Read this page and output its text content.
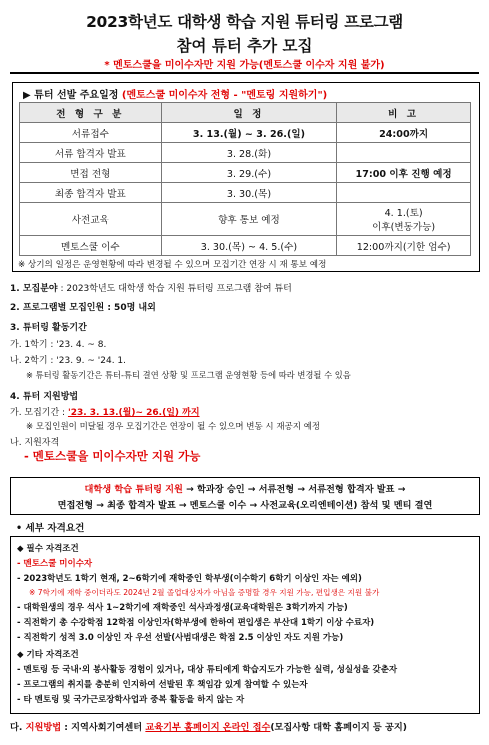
2023학년도 대학생 학습 지원 튜터링 프로그램
참여 튜터 추가 모집
* 멘토스쿨을 미이수자만 지원 가능(멘토스쿨 이수자 지원 불가)
▶ 튜터 선발 주요일정 (멘토스쿨 미이수자 전형 - "멘토링 지원하기")
전 형 구 분	일 정	비 고
서류접수	3. 13.(월) ~ 3. 26.(일)	24:00까지
서류 합격자 발표	3. 28.(화)	
면접 전형	3. 29.(수)	17:00 이후 진행 예정
최종 합격자 발표	3. 30.(목)	
사전교육	향후 통보 예정	4. 1.(토)
이후(변동가능)

멘토스쿨 이수	3. 30.(목) ~ 4. 5.(수)	12:00까지(기한 엄수)
※ 상기의 일정은 운영현황에 따라 변경될 수 있으며 모집기간 연장 시 재 통보 예정
1. 모집분야 : 2023학년도 대학생 학습 지원 튜터링 프로그램 참여 튜터
2. 프로그램별 모집인원 : 50명 내외
3. 튜터링 활동기간
가. 1학기 : '23. 4. ~ 8.
나. 2학기 : '23. 9. ~ '24. 1.
※ 튜터링 활동기간은 튜터-튜티 결연 상황 및 프로그램 운영현황 등에 따라 변경될 수 있음
4. 튜터 지원방법
가. 모집기간 : '23. 3. 13.(월)~ 26.(일) 까지
※ 모집인원이 미달될 경우 모집기간은 연장이 될 수 있으며 변동 시 재공지 예정
나. 지원자격
- 멘토스쿨을 미이수자만 지원 가능
대학생 학습 튜터링 지원 → 학과장 승인 → 서류전형 → 서류전형 합격자 발표 →
면접전형 → 최종 합격자 발표 → 멘토스쿨 이수 → 사전교육(오리엔테이션) 참석 및 멘티 결연
• 세부 자격요건
◆ 필수 자격조건
- 멘토스쿨 미이수자
- 2023학년도 1학기 현재, 2~6학기에 재학중인 학부생(이수학기 6학기 이상인 자는 예외)
※ 7학기에 재학 중이더라도 2024년 2월 졸업대상자가 아님을 증명할 경우 지원 가능, 편입생은 지원 불가
- 대학원생의 경우 석사 1~2학기에 재학중인 석사과정생(교육대학원은 3학기까지 가능)
- 직전학기 총 수강학점 12학점 이상인자(학부생에 한하여 편입생은 부산대 1학기 이상 수료자)
- 직전학기 성적 3.0 이상인 자 우선 선발(사범대생은 학점 2.5 이상인 자도 지원 가능)
◆ 기타 자격조건
- 멘토링 등 국내·외 봉사활동 경험이 있거나, 대상 튜티에게 학습지도가 가능한 실력, 성실성을 갖춘자
- 프로그램의 취지를 충분히 인지하여 선발된 후 책임감 있게 참여할 수 있는자
- 타 멘토링 및 국가근로장학사업과 중복 활동을 하지 않는 자
다. 지원방법 : 지역사회기여센터 교육기부 홈페이지 온라인 접수(모집사항 대학 홈페이지 등 공지)
